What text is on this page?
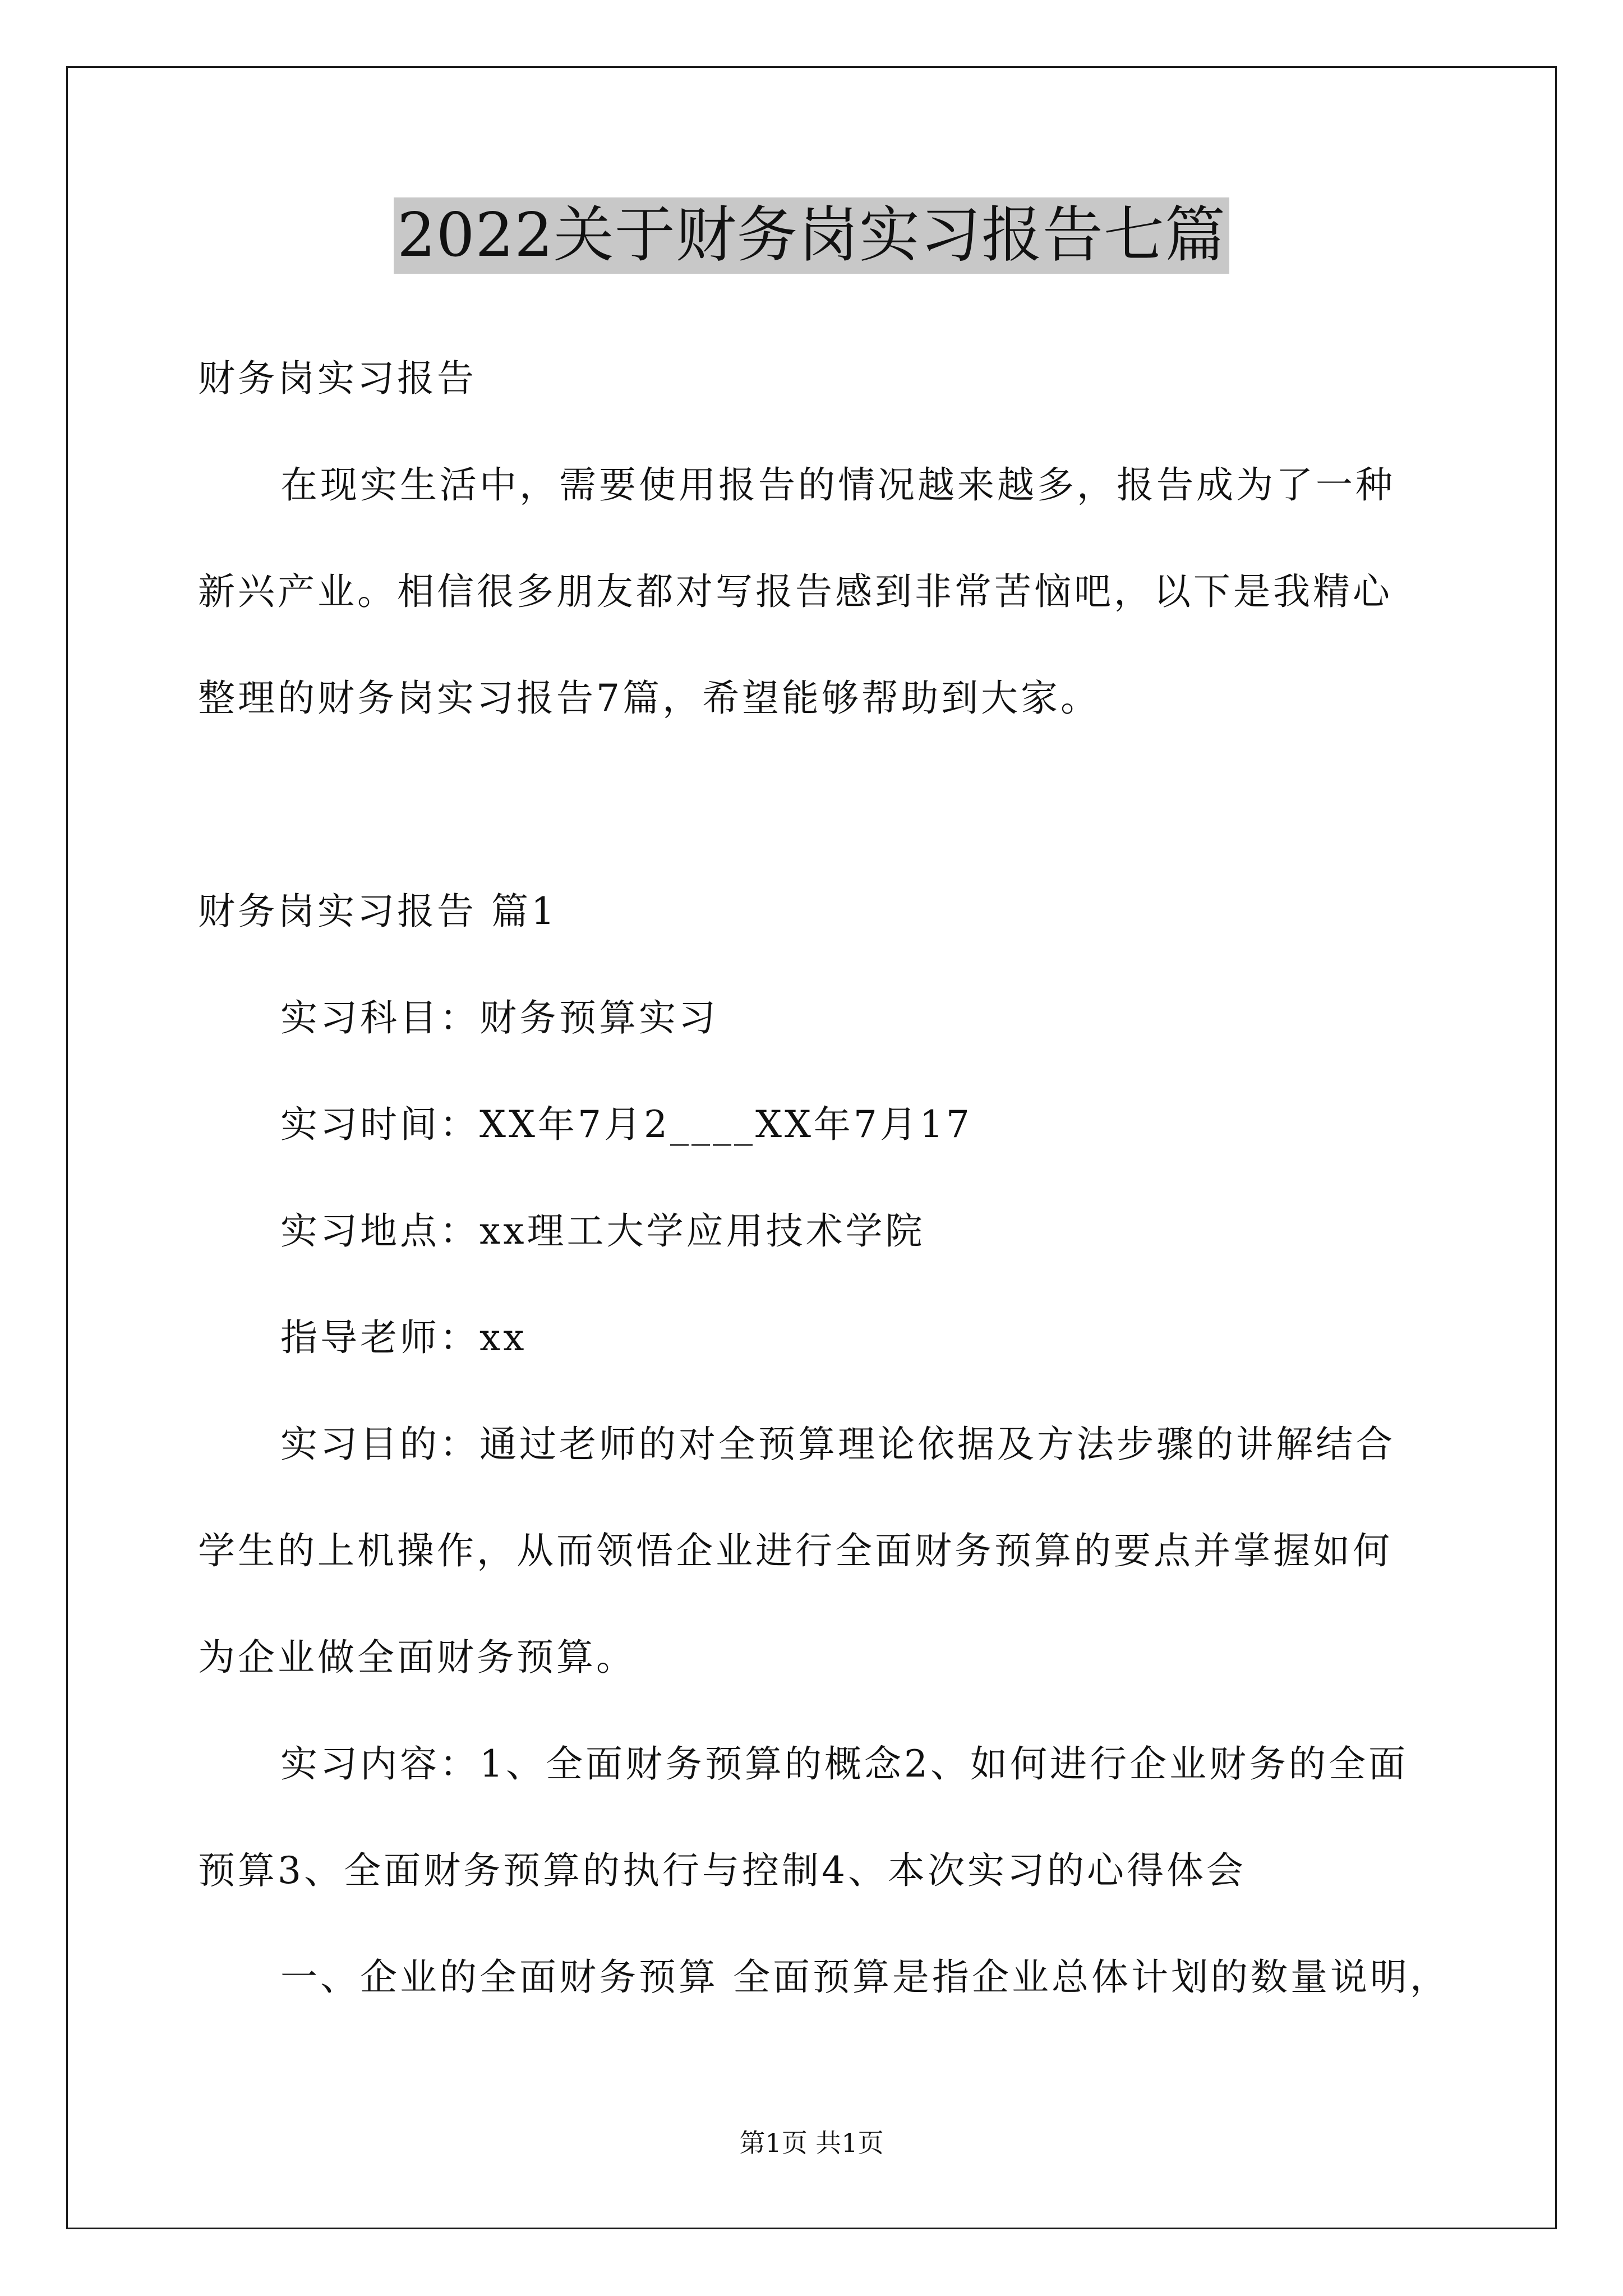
2022关于财务岗实习报告七篇
财务岗实习报告
在现实生活中，需要使用报告的情况越来越多，报告成为了一种
新兴产业。相信很多朋友都对写报告感到非常苦恼吧，以下是我精心
整理的财务岗实习报告7篇，希望能够帮助到大家。
财务岗实习报告 篇1
实习科目：财务预算实习
实习时间：XX年7月2____XX年7月17
实习地点：xx理工大学应用技术学院
指导老师：xx
实习目的：通过老师的对全预算理论依据及方法步骤的讲解结合
学生的上机操作，从而领悟企业进行全面财务预算的要点并掌握如何
为企业做全面财务预算。
实习内容：1、全面财务预算的概念2、如何进行企业财务的全面
预算3、全面财务预算的执行与控制4、本次实习的心得体会
一、企业的全面财务预算 全面预算是指企业总体计划的数量说明，
第1页 共1页
